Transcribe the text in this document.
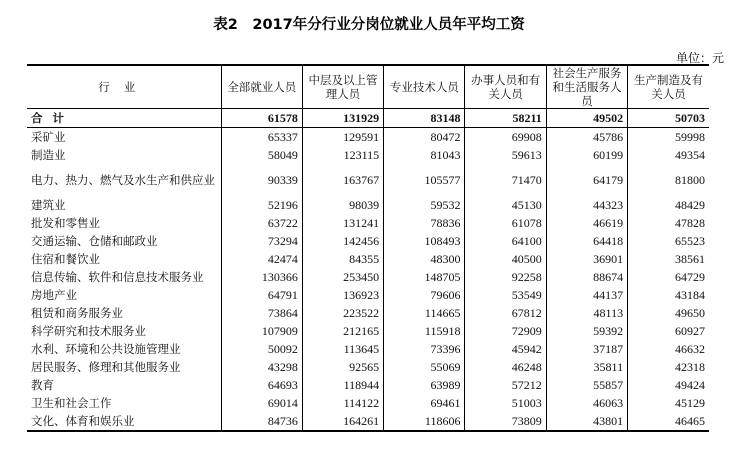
表2　2017年分行业分岗位就业人员年平均工资
单位：元
行业	全部就业人员	中层及以上管理人员	专业技术人员	办事人员和有关人员	社会生产服务和生活服务人员	生产制造及有关人员
合计	61578	131929	83148	58211	49502	50703
采矿业	65337	129591	80472	69908	45786	59998
制造业	58049	123115	81043	59613	60199	49354
电力、热力、燃气及水生产和供应业	90339	163767	105577	71470	64179	81800
建筑业	52196	98039	59532	45130	44323	48429
批发和零售业	63722	131241	78836	61078	46619	47828
交通运输、仓储和邮政业	73294	142456	108493	64100	64418	65523
住宿和餐饮业	42474	84355	48300	40500	36901	38561
信息传输、软件和信息技术服务业	130366	253450	148705	92258	88674	64729
房地产业	64791	136923	79606	53549	44137	43184
租赁和商务服务业	73864	223522	114665	67812	48113	49650
科学研究和技术服务业	107909	212165	115918	72909	59392	60927
水利、环境和公共设施管理业	50092	113645	73396	45942	37187	46632
居民服务、修理和其他服务业	43298	92565	55069	46248	35811	42318
教育	64693	118944	63989	57212	55857	49424
卫生和社会工作	69014	114122	69461	51003	46063	45129
文化、体育和娱乐业	84736	164261	118606	73809	43801	46465
